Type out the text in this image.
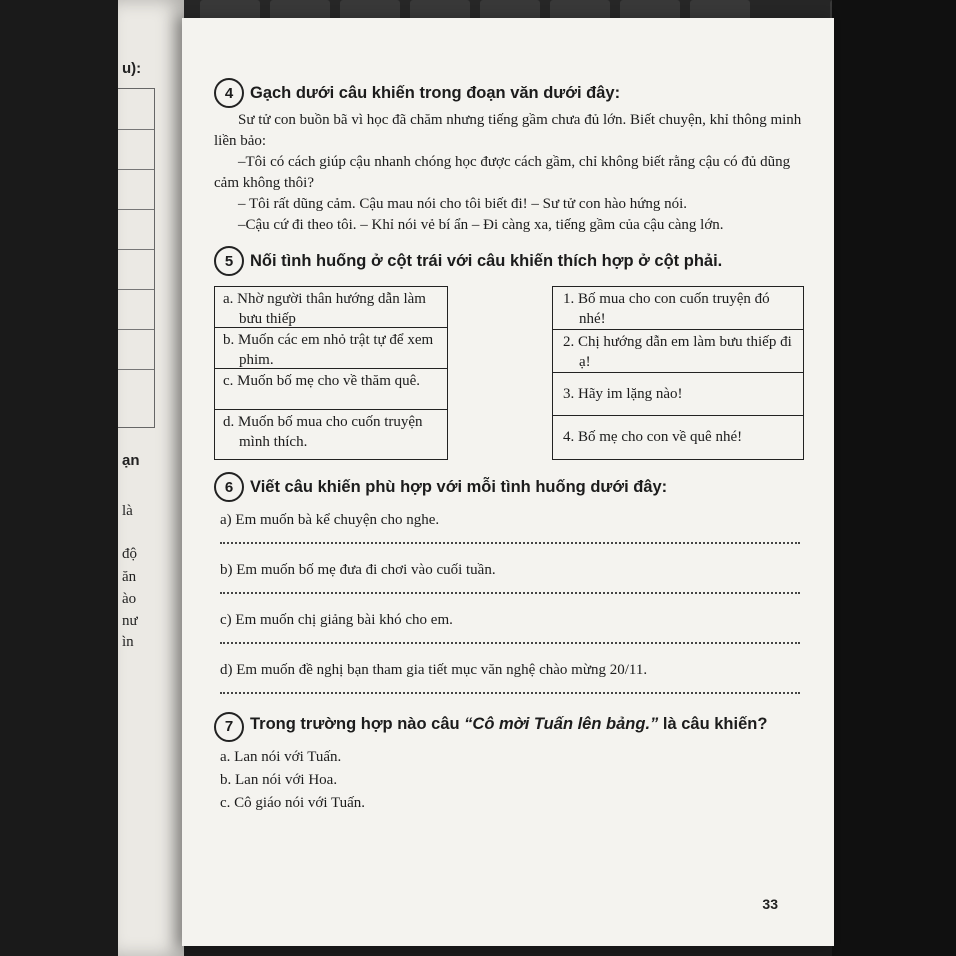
u):
ạn
là
độ
ăn
ào
nư
ìn
4	Gạch dưới câu khiến trong đoạn văn dưới đây:

Sư tử con buồn bã vì học đã chăm nhưng tiếng gầm chưa đủ lớn. Biết chuyện, khỉ thông minh liền bảo:

–Tôi có cách giúp cậu nhanh chóng học được cách gầm, chỉ không biết rằng cậu có đủ dũng cảm không thôi?

– Tôi rất dũng cảm. Cậu mau nói cho tôi biết đi! – Sư tử con hào hứng nói.

–Cậu cứ đi theo tôi. – Khỉ nói vẻ bí ẩn – Đi càng xa, tiếng gầm của cậu càng lớn.

5	Nối tình huống ở cột trái với câu khiến thích hợp ở cột phải.
a. Nhờ người thân hướng dẫn làm bưu thiếp
b. Muốn các em nhỏ trật tự để xem phim.
c. Muốn bố mẹ cho về thăm quê.
d. Muốn bố mua cho cuốn truyện mình thích.
1. Bố mua cho con cuốn truyện đó nhé!
2. Chị hướng dẫn em làm bưu thiếp đi ạ!
3. Hãy im lặng nào!
4. Bố mẹ cho con về quê nhé!
6	Viết câu khiến phù hợp với mỗi tình huống dưới đây:
a) Em muốn bà kể chuyện cho nghe.
b) Em muốn bố mẹ đưa đi chơi vào cuối tuần.
c) Em muốn chị giảng bài khó cho em.
d) Em muốn đề nghị bạn tham gia tiết mục văn nghệ chào mừng 20/11.
7	Trong trường hợp nào câu “Cô mời Tuấn lên bảng.” là câu khiến?

a. Lan nói với Tuấn.

b. Lan nói với Hoa.

c. Cô giáo nói với Tuấn.

33
